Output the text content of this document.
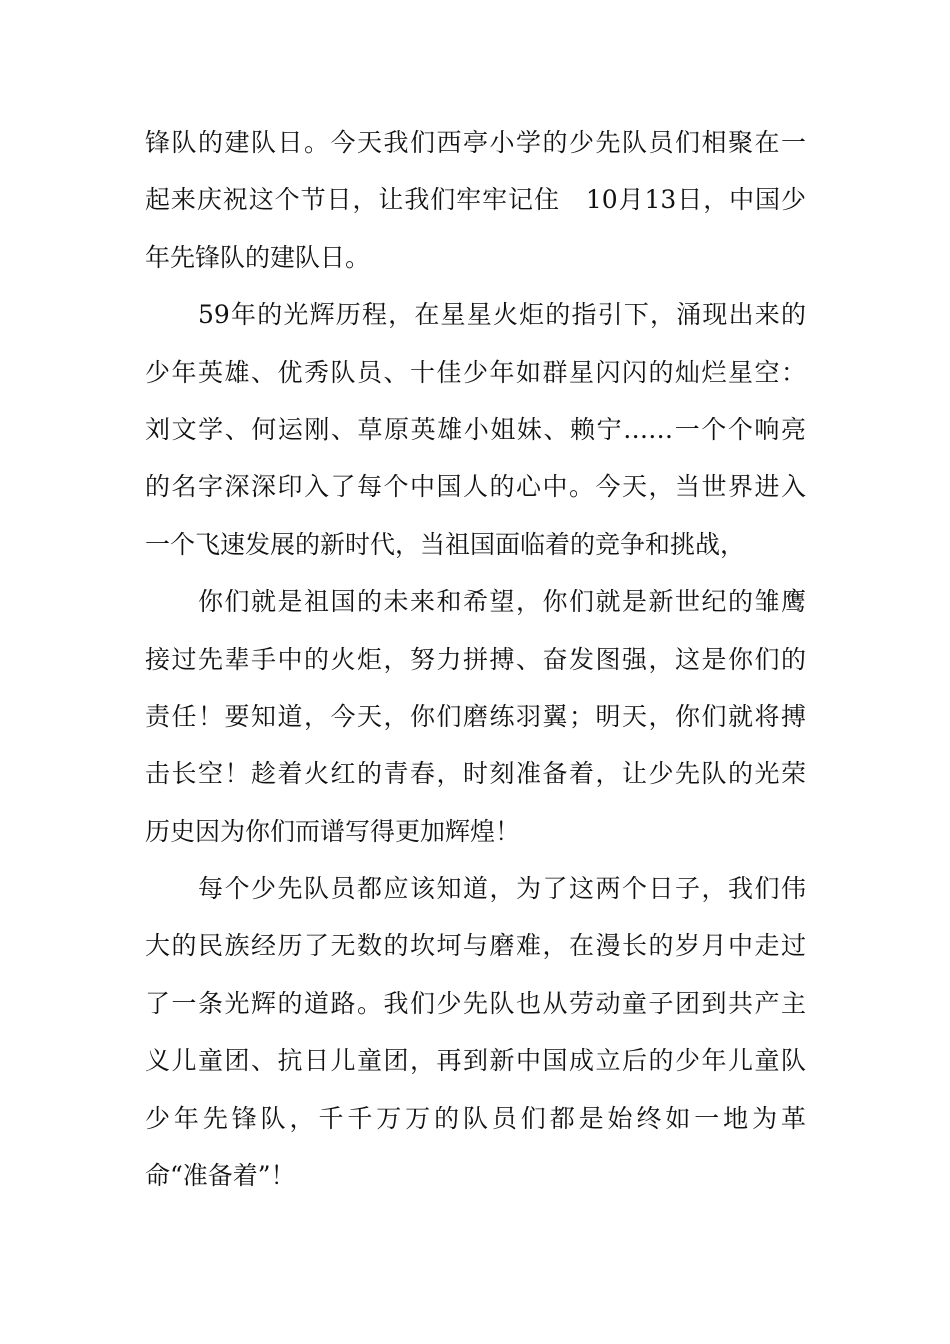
锋队的建队日。今天我们西亭小学的少先队员们相聚在一
起来庆祝这个节日，让我们牢牢记住　10月13日，中国少
年先锋队的建队日。
59年的光辉历程，在星星火炬的指引下，涌现出来的
少年英雄、优秀队员、十佳少年如群星闪闪的灿烂星空：
刘文学、何运刚、草原英雄小姐妹、赖宁……一个个响亮
的名字深深印入了每个中国人的心中。今天，当世界进入
一个飞速发展的新时代，当祖国面临着的竞争和挑战，
你们就是祖国的未来和希望，你们就是新世纪的雏鹰
接过先辈手中的火炬，努力拼搏、奋发图强，这是你们的
责任！要知道，今天，你们磨练羽翼；明天，你们就将搏
击长空！趁着火红的青春，时刻准备着，让少先队的光荣
历史因为你们而谱写得更加辉煌！
每个少先队员都应该知道，为了这两个日子，我们伟
大的民族经历了无数的坎坷与磨难，在漫长的岁月中走过
了一条光辉的道路。我们少先队也从劳动童子团到共产主
义儿童团、抗日儿童团，再到新中国成立后的少年儿童队
少年先锋队，千千万万的队员们都是始终如一地为革
命“准备着”！
